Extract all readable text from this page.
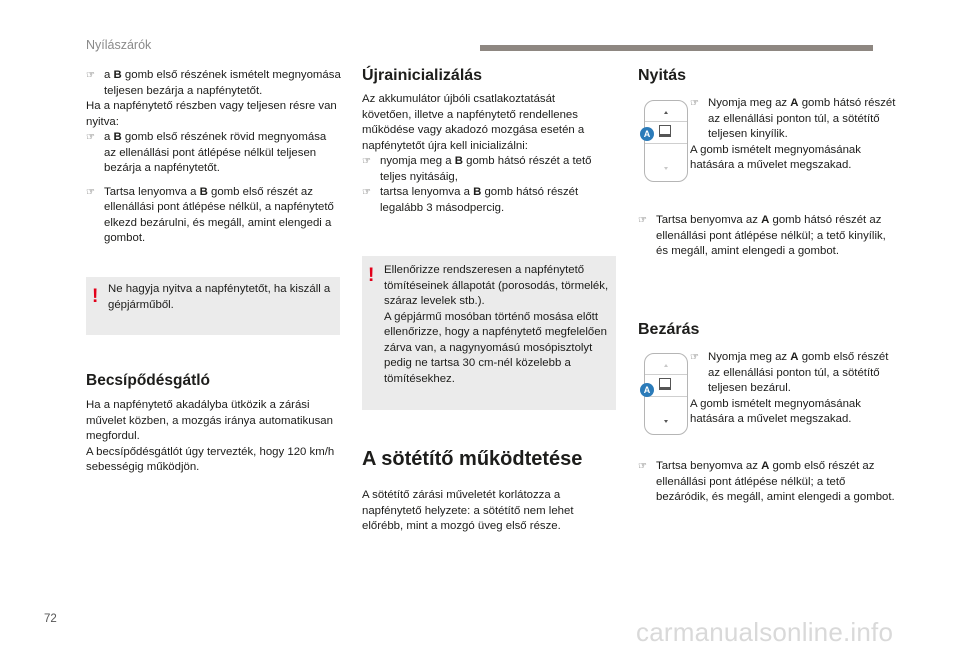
Nyílászárók

☞ a B gomb első részének ismételt megnyomása teljesen bezárja a napfénytetőt.

Ha a napfénytető részben vagy teljesen résre van nyitva:

☞ a B gomb első részének rövid megnyomása az ellenállási pont átlépése nélkül teljesen bezárja a napfénytetőt.

☞ Tartsa lenyomva a B gomb első részét az ellenállási pont átlépése nélkül, a napfénytető elkezd bezárulni, és megáll, amint elengedi a gombot.

! Ne hagyja nyitva a napfénytetőt, ha kiszáll a gépjárműből.

Becsípődésgátló

Ha a napfénytető akadályba ütközik a zárási művelet közben, a mozgás iránya automatikusan megfordul.
A becsípődésgátlót úgy tervezték, hogy 120 km/h sebességig működjön.

Újrainicializálás

Az akkumulátor újbóli csatlakoztatását követően, illetve a napfénytető rendellenes működése vagy akadozó mozgása esetén a napfénytetőt újra kell inicializálni:

☞ nyomja meg a B gomb hátsó részét a tető teljes nyitásáig,

☞ tartsa lenyomva a B gomb hátsó részét legalább 3 másodpercig.

! Ellenőrizze rendszeresen a napfénytető tömítéseinek állapotát (porosodás, törmelék, száraz levelek stb.).
A gépjármű mosóban történő mosása előtt ellenőrizze, hogy a napfénytető megfelelően zárva van, a nagynyomású mosópisztolyt pedig ne tartsa 30 cm-nél közelebb a tömítésekhez.

A sötétítő működtetése

A sötétítő zárási műveletét korlátozza a napfénytető helyzete: a sötétítő nem lehet előrébb, mint a mozgó üveg első része.

Nyitás
A

☞ Nyomja meg az A gomb hátsó részét az ellenállási ponton túl, a sötétítő teljesen kinyílik.

A gomb ismételt megnyomásának hatására a művelet megszakad.

☞ Tartsa benyomva az A gomb hátsó részét az ellenállási pont átlépése nélkül; a tető kinyílik, és megáll, amint elengedi a gombot.

Bezárás
A

☞ Nyomja meg az A gomb első részét az ellenállási ponton túl, a sötétítő teljesen bezárul.

A gomb ismételt megnyomásának hatására a művelet megszakad.

☞ Tartsa benyomva az A gomb első részét az ellenállási pont átlépése nélkül; a tető bezáródik, és megáll, amint elengedi a gombot.

72	carmanualsonline.info
